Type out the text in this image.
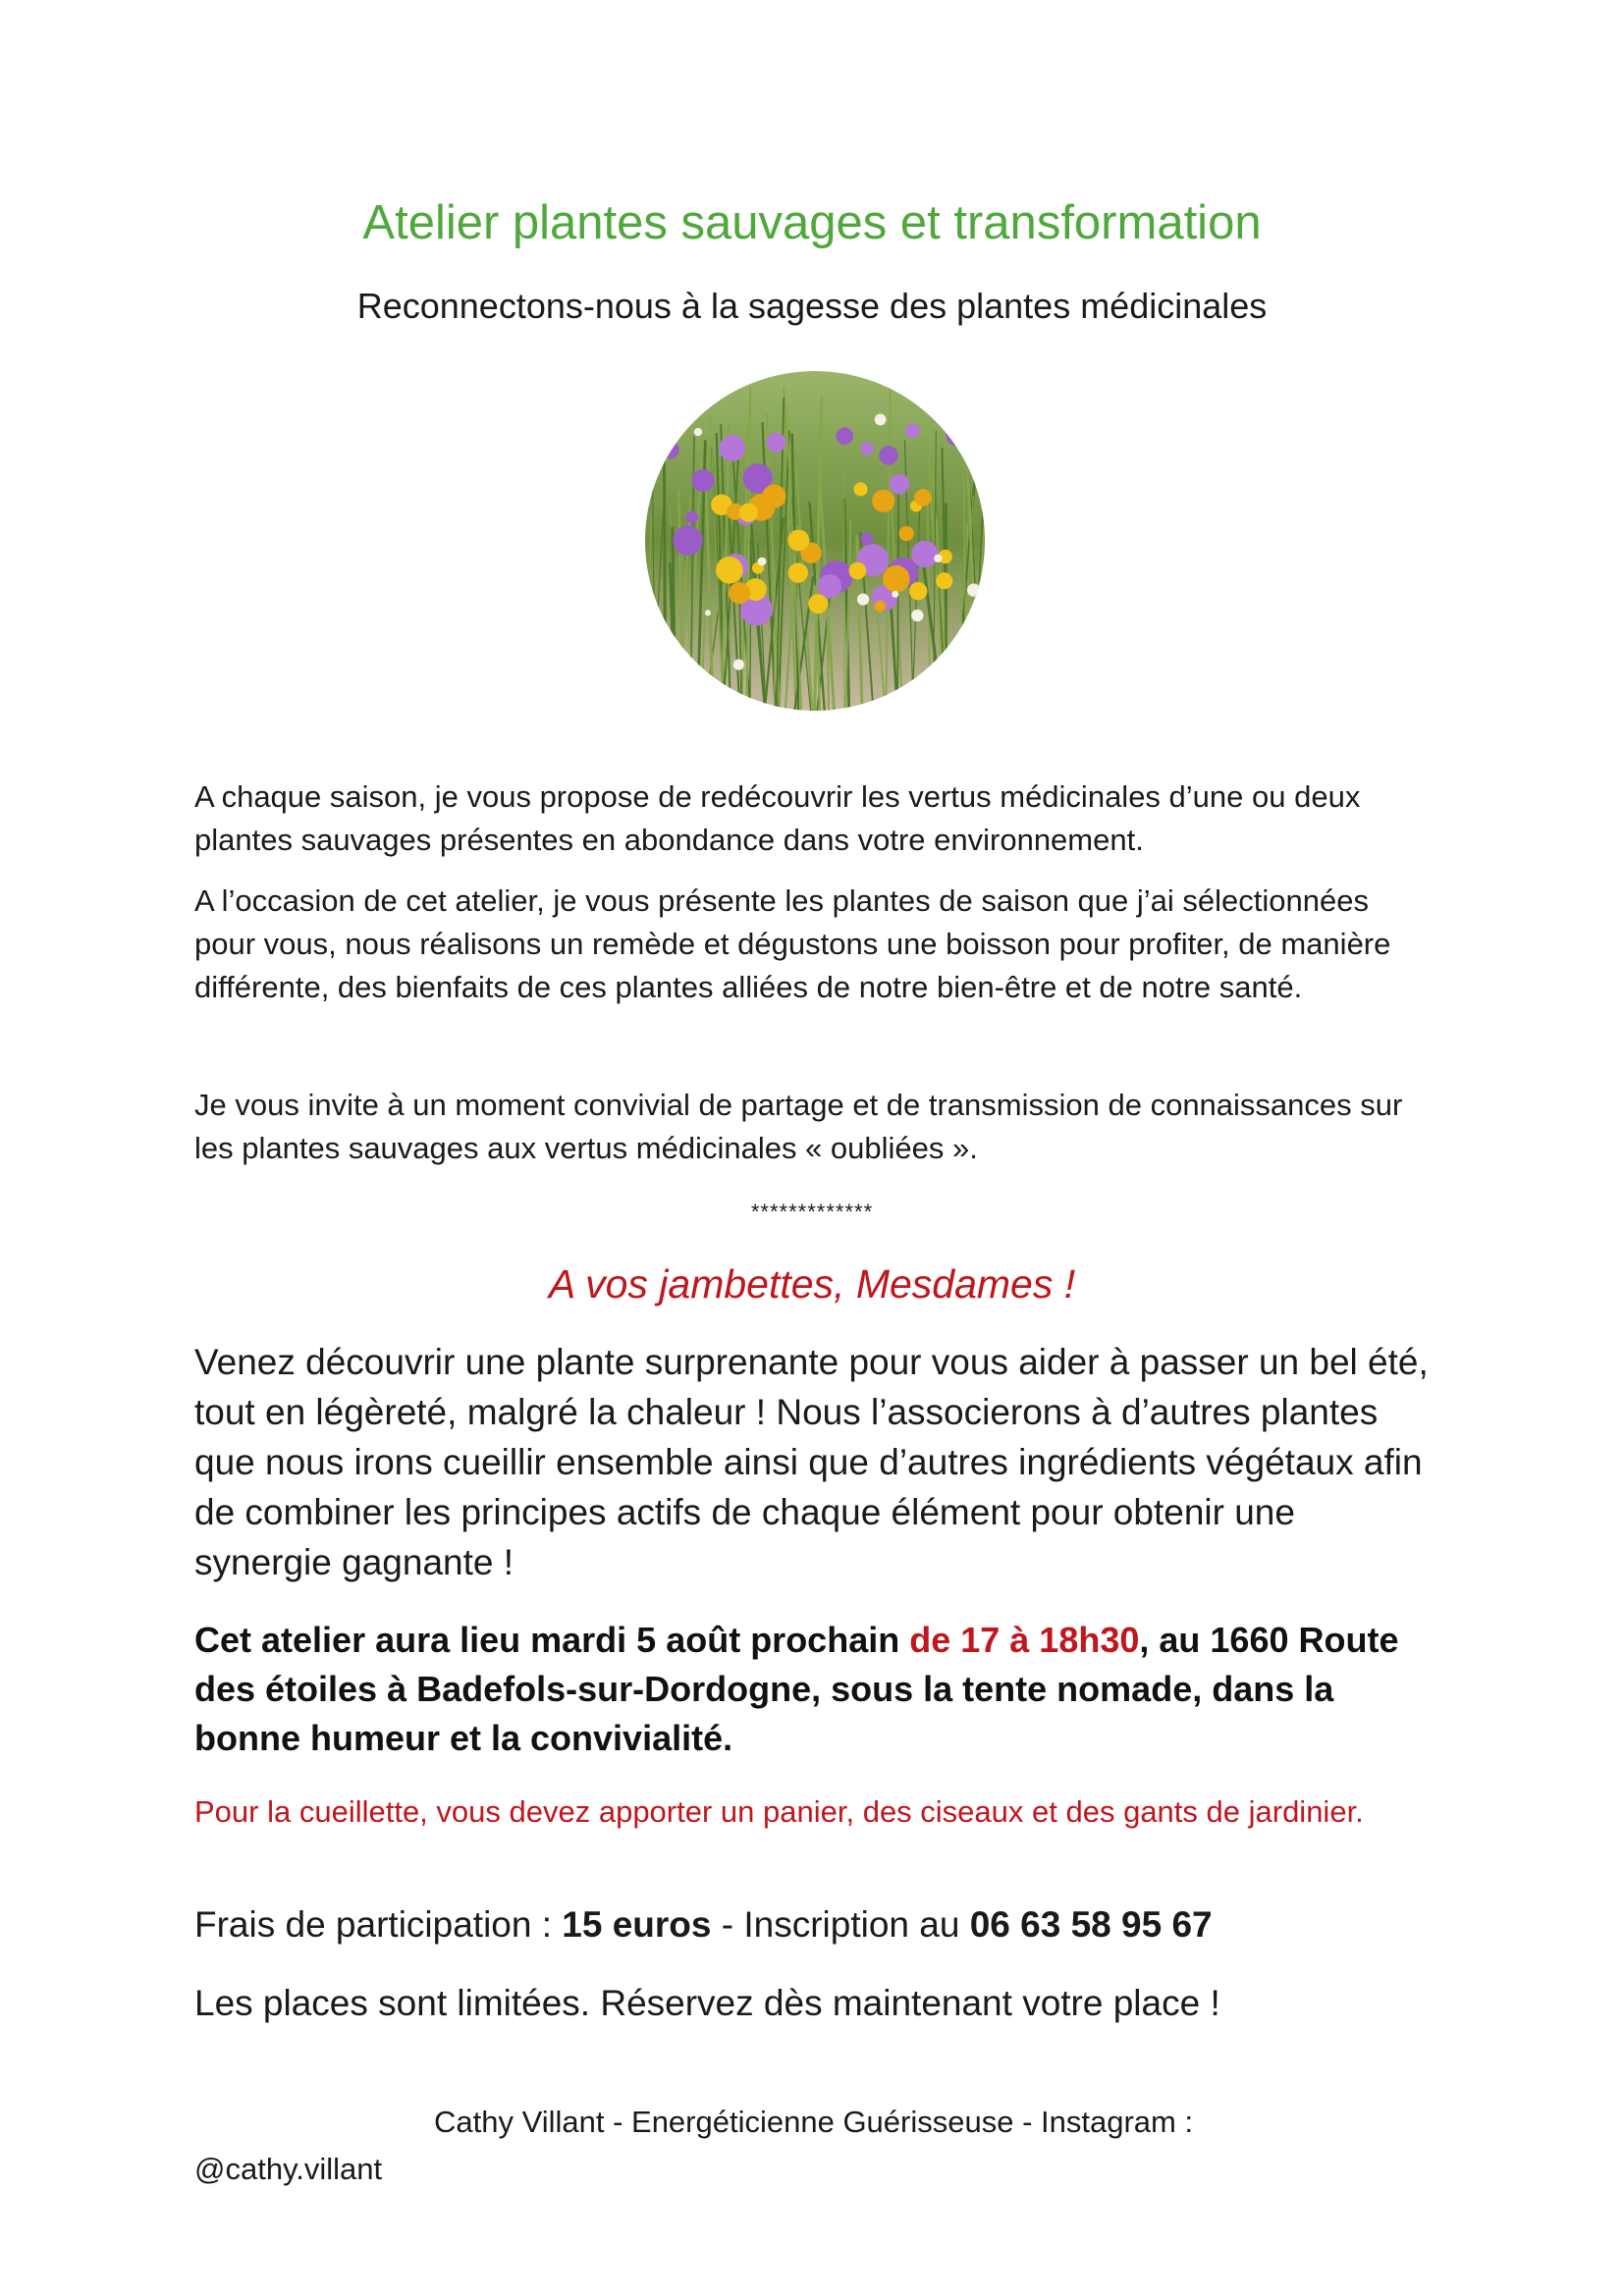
Atelier plantes sauvages et transformation
Reconnectons-nous à la sagesse des plantes médicinales
A chaque saison, je vous propose de redécouvrir les vertus médicinales d’une ou deux plantes sauvages présentes en abondance dans votre environnement.
A l’occasion de cet atelier, je vous présente les plantes de saison que j’ai sélectionnées pour vous, nous réalisons un remède et dégustons une boisson pour profiter, de manière différente, des bienfaits de ces plantes alliées de notre bien-être et de notre santé.
Je vous invite à un moment convivial de partage et de transmission de connaissances sur les plantes sauvages aux vertus médicinales « oubliées ».
*************
A vos jambettes, Mesdames !
Venez découvrir une plante surprenante pour vous aider à passer un bel été, tout en légèreté, malgré la chaleur ! Nous l’associerons à d’autres plantes que nous irons cueillir ensemble ainsi que d’autres ingrédients végétaux afin de combiner les principes actifs de chaque élément pour obtenir une synergie gagnante !
Cet atelier aura lieu mardi 5 août prochain de 17 à 18h30, au 1660 Route des étoiles à Badefols-sur-Dordogne, sous la tente nomade, dans la bonne humeur et la convivialité.
Pour la cueillette, vous devez apporter un panier, des ciseaux et des gants de jardinier.
Frais de participation : 15 euros - Inscription au 06 63 58 95 67
Les places sont limitées. Réservez dès maintenant votre place !
Cathy Villant - Energéticienne Guérisseuse - Instagram :
@cathy.villant
